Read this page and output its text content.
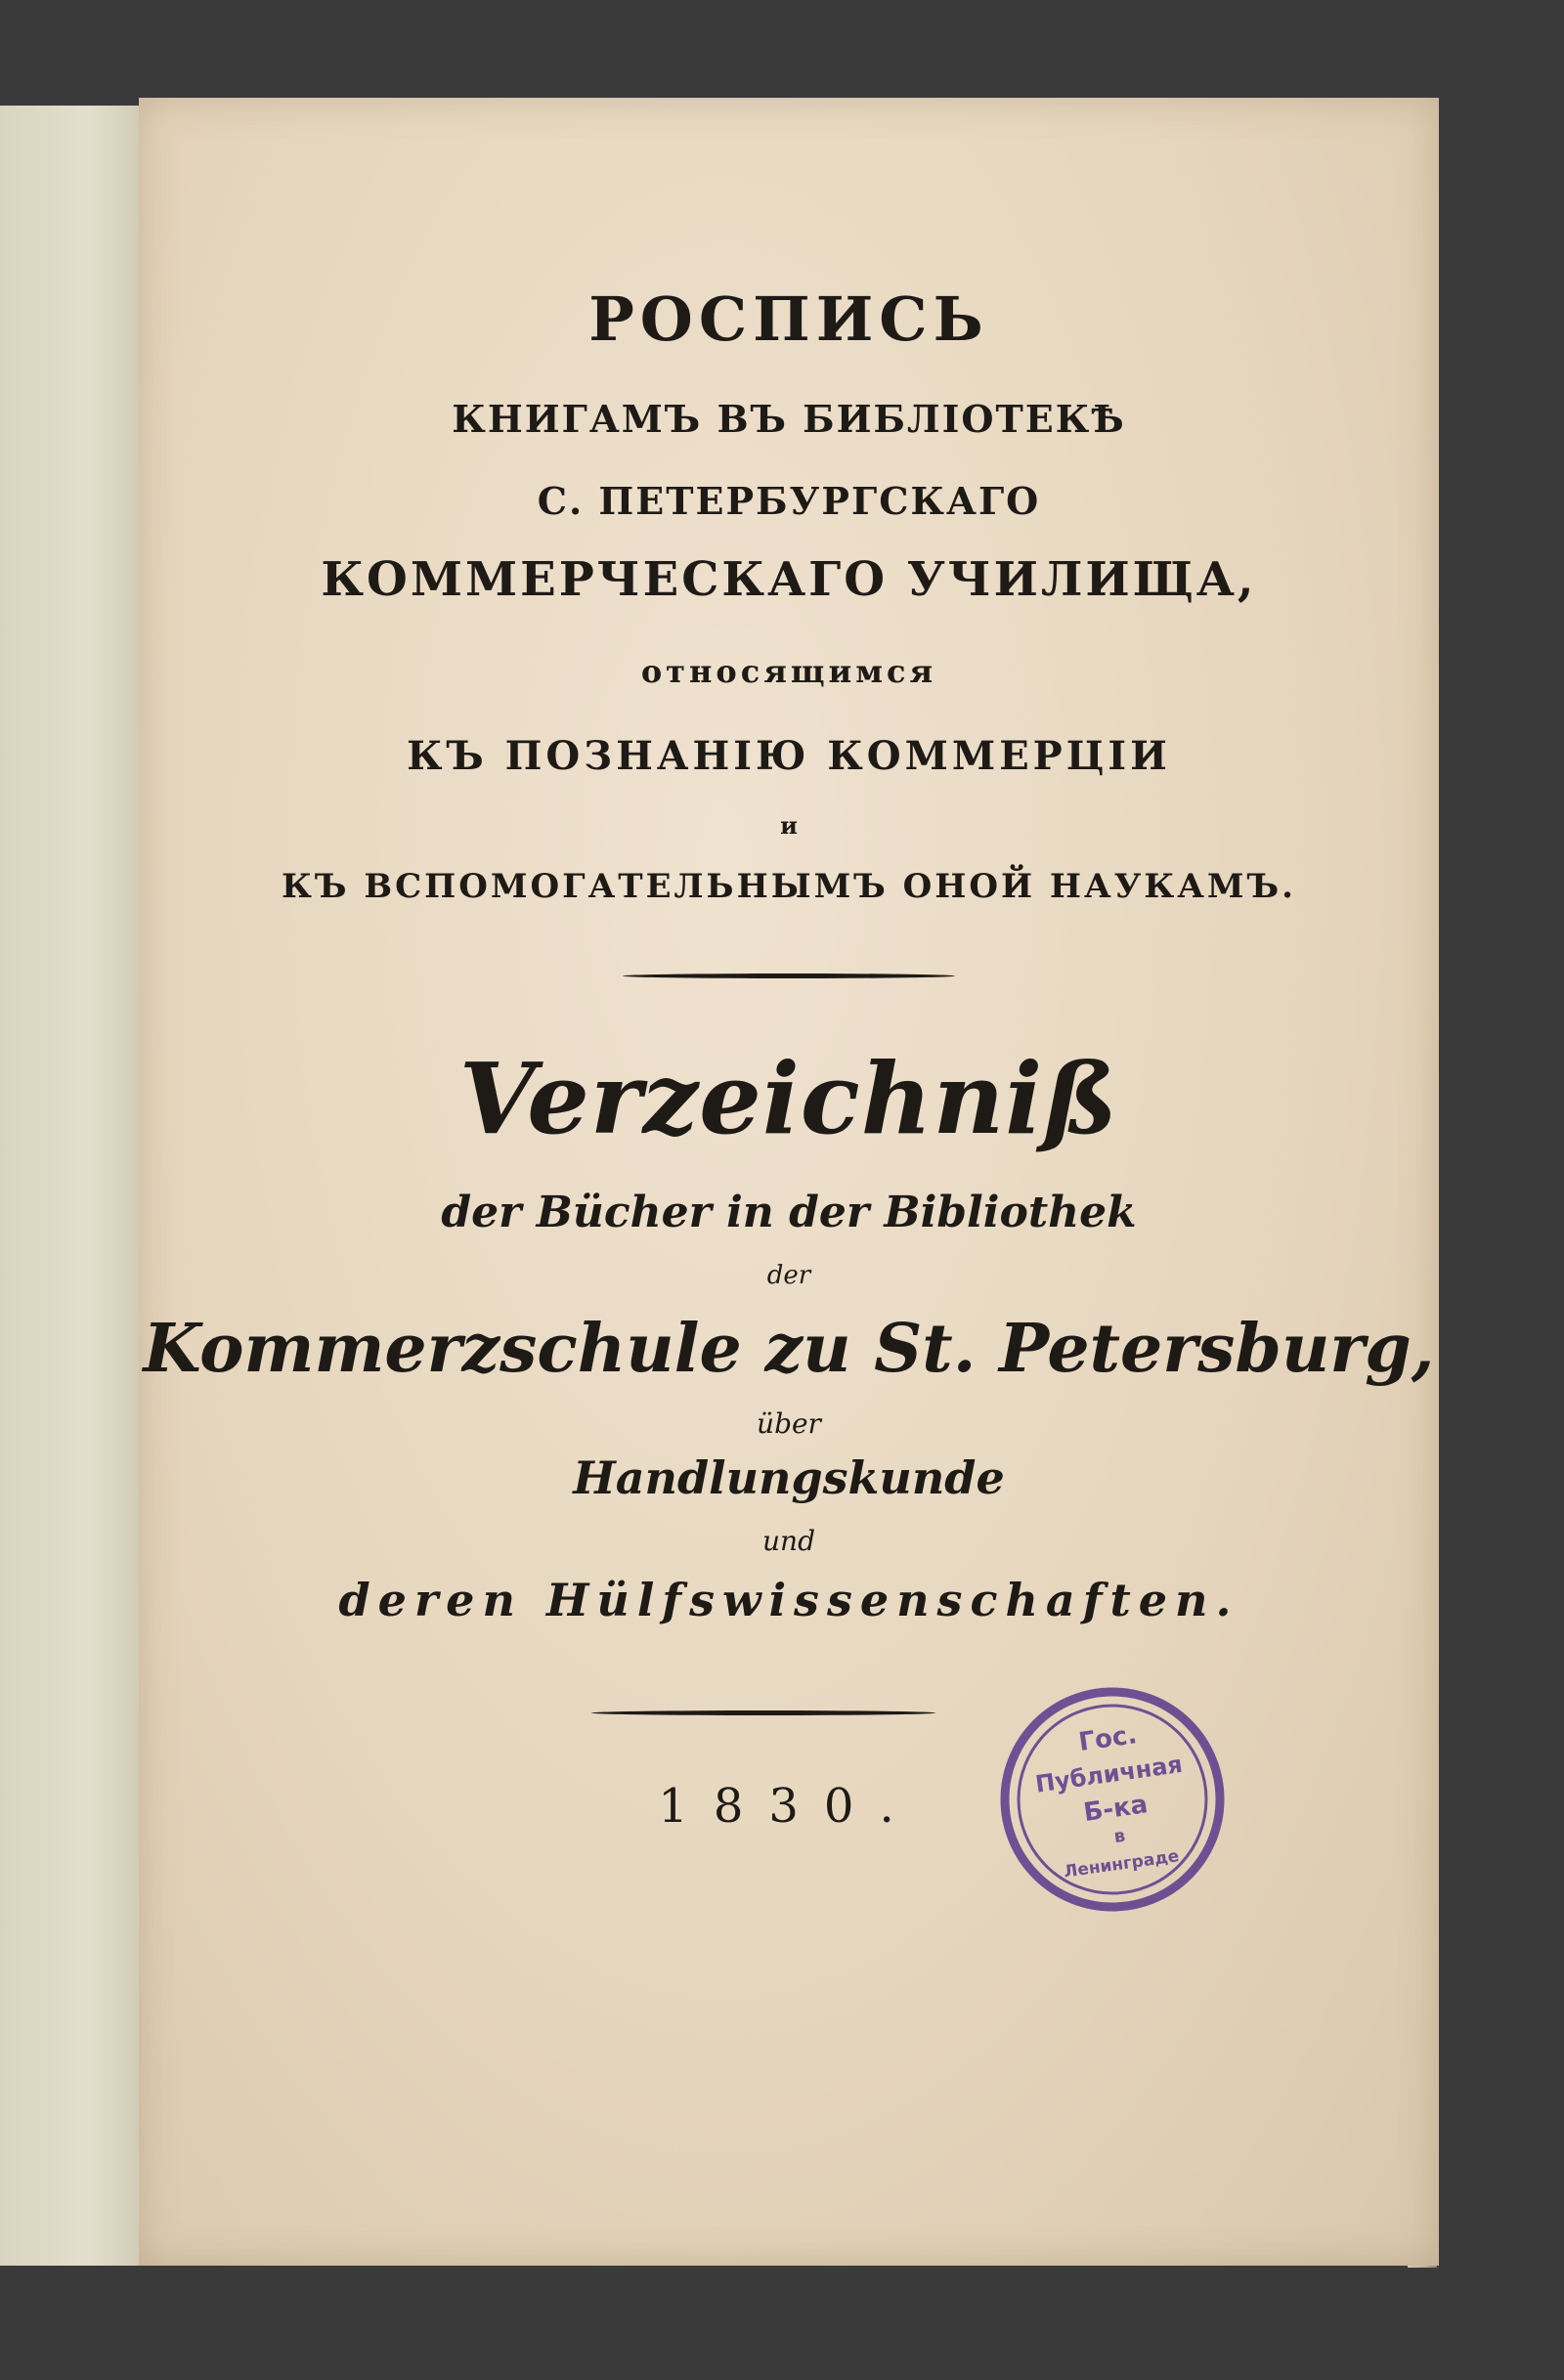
РОСПИСЬ
КНИГАМЪ ВЪ БИБЛІОТЕКѢ
С. ПЕТЕРБУРГСКАГО
КОММЕРЧЕСКАГО УЧИЛИЩА,
относящимся
КЪ ПОЗНАНІЮ КОММЕРЦІИ
и
КЪ ВСПОМОГАТЕЛЬНЫМЪ ОНОЙ НАУКАМЪ.
Verzeichniß
der Bücher in der Bibliothek
der
Kommerzschule zu St. Petersburg,
über
Handlungskunde
und
deren Hülfswissenschaften.
1830.
Гос.
Публичная
Б-ка
в
Ленинграде
